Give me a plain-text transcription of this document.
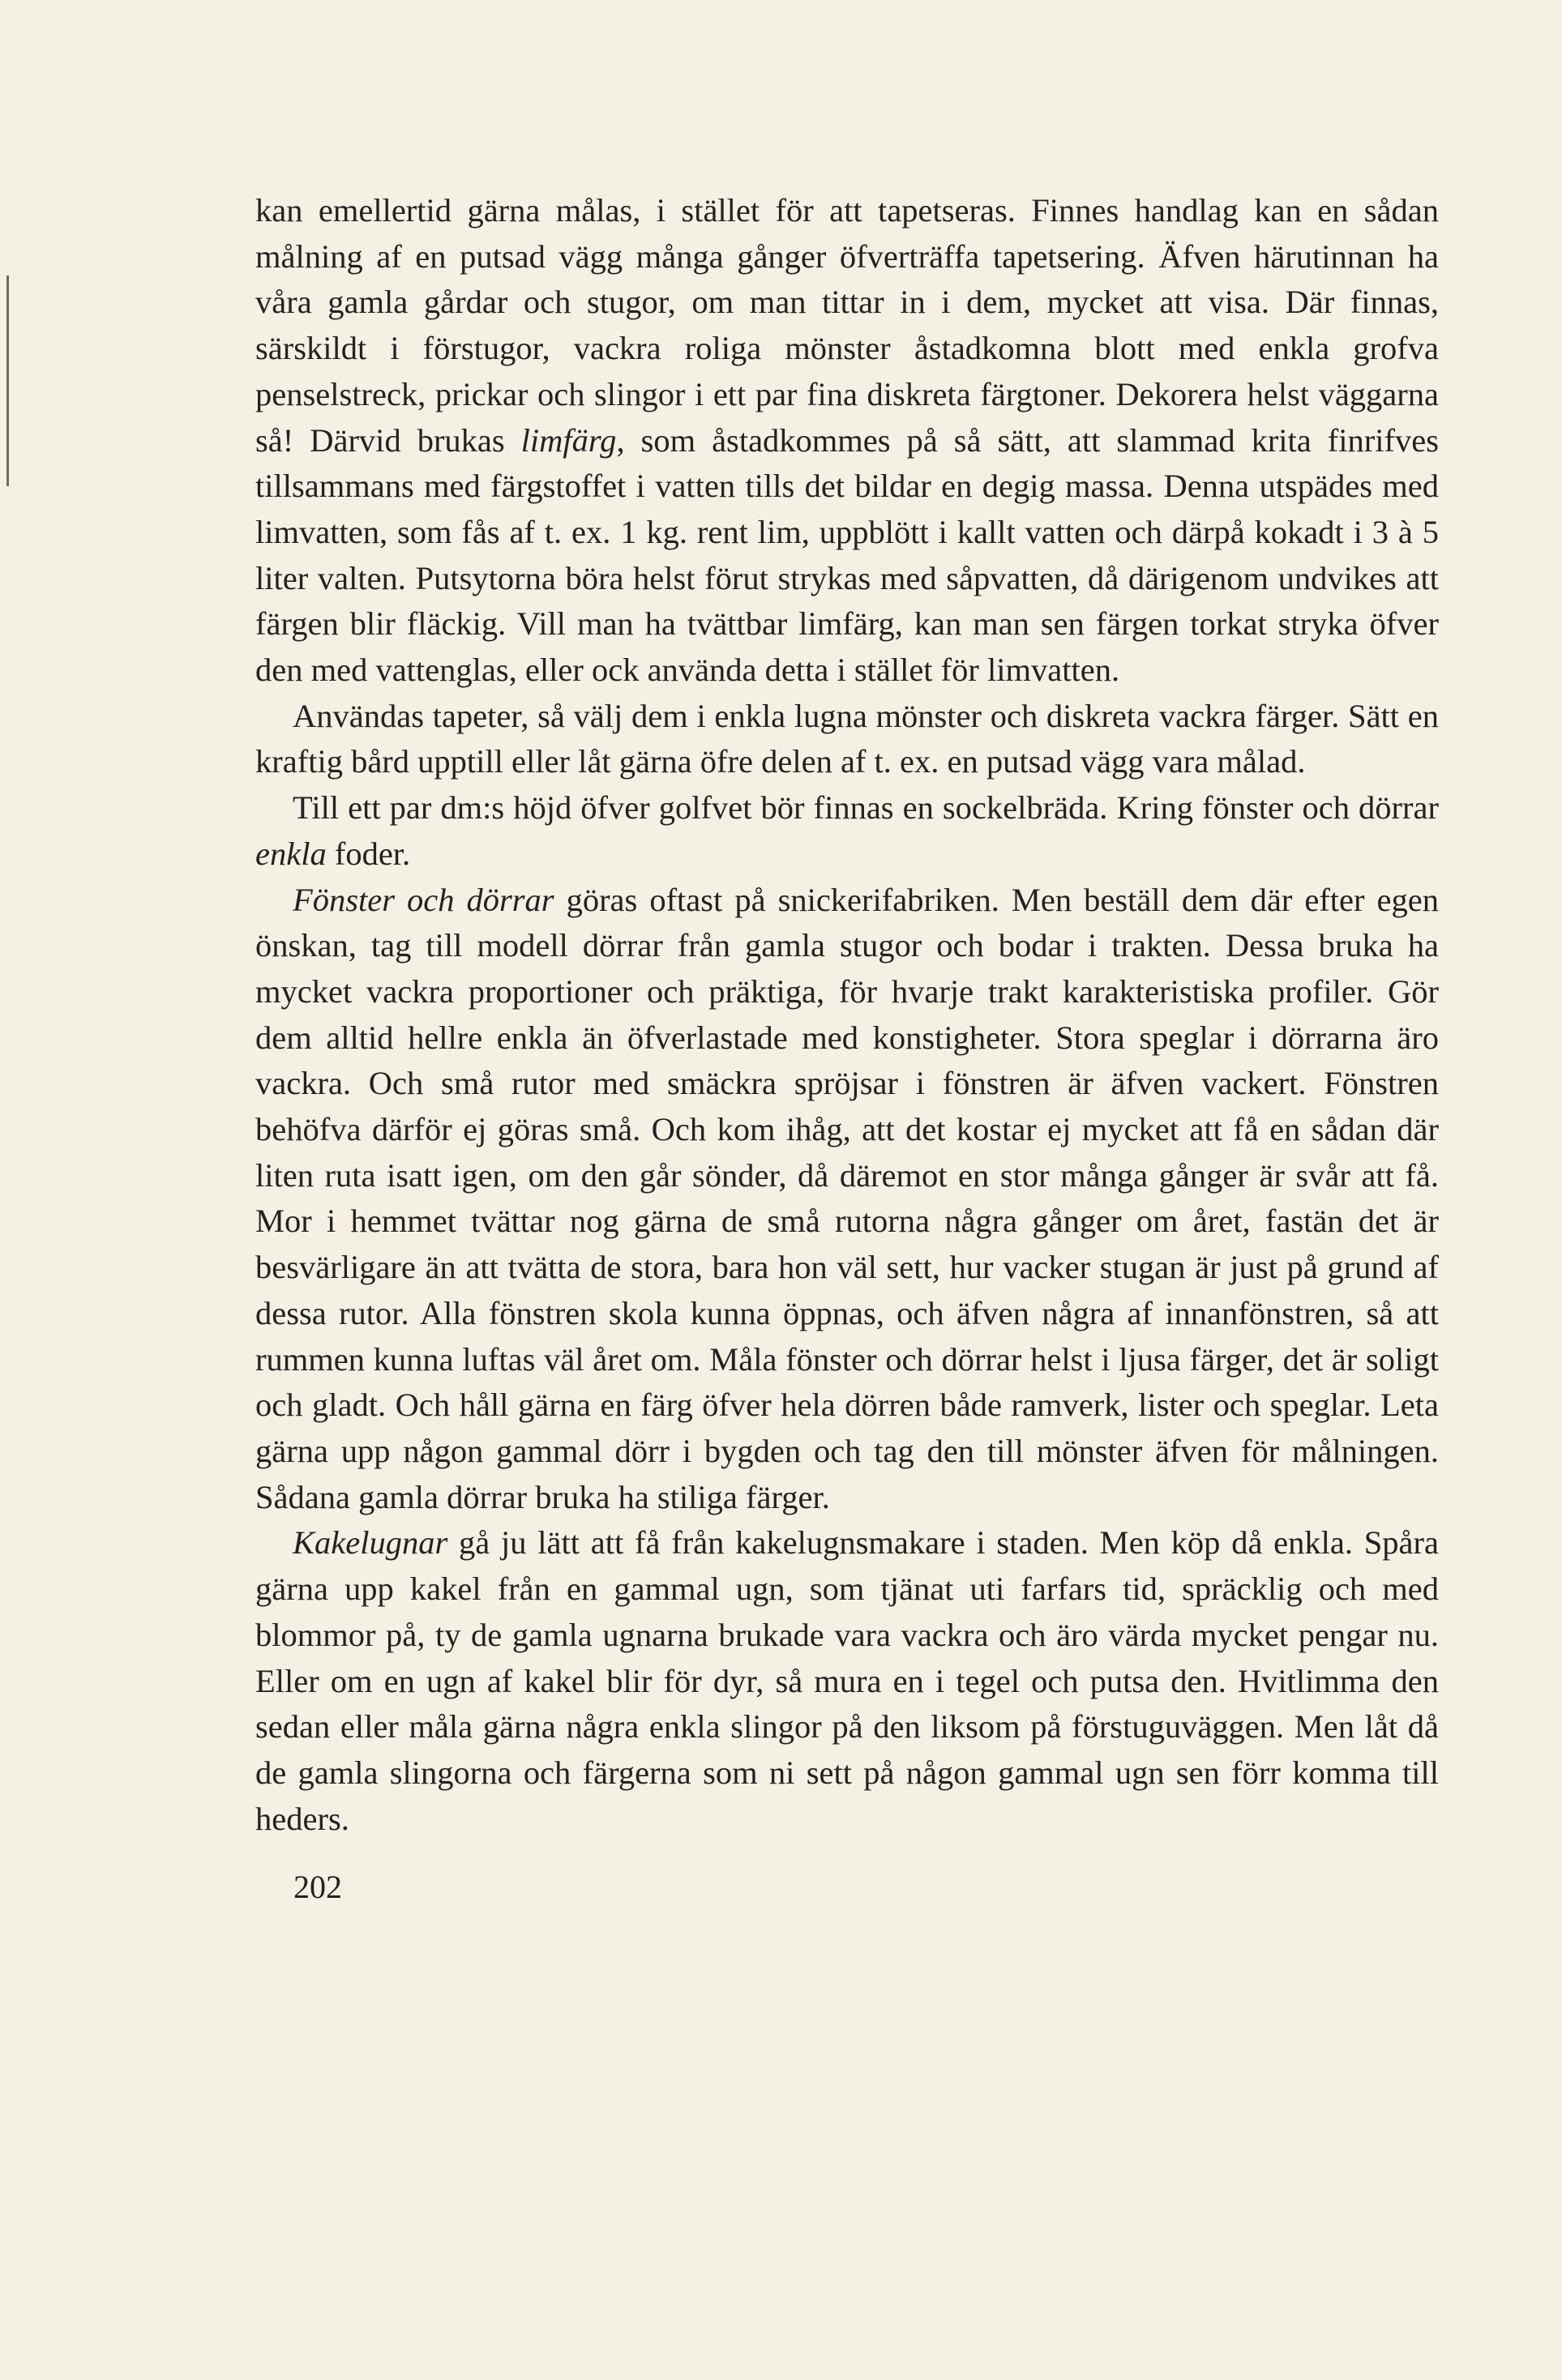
kan emellertid gärna målas, i stället för att tapetseras. Finnes handlag kan en sådan målning af en putsad vägg många gånger öfverträffa tapetsering. Äfven härutinnan ha våra gamla gårdar och stugor, om man tittar in i dem, mycket att visa. Där finnas, särskildt i förstugor, vackra roliga mönster åstadkomna blott med enkla grofva penselstreck, prickar och slingor i ett par fina diskreta färgtoner. Dekorera helst väggarna så! Därvid brukas limfärg, som åstadkommes på så sätt, att slammad krita finrifves tillsammans med färgstoffet i vatten tills det bildar en degig massa. Denna utspädes med limvatten, som fås af t. ex. 1 kg. rent lim, uppblött i kallt vatten och därpå kokadt i 3 à 5 liter valten. Putsytorna böra helst förut strykas med såpvatten, då därigenom undvikes att färgen blir fläckig. Vill man ha tvättbar limfärg, kan man sen färgen torkat stryka öfver den med vattenglas, eller ock använda detta i stället för limvatten.

Användas tapeter, så välj dem i enkla lugna mönster och diskreta vackra färger. Sätt en kraftig bård upptill eller låt gärna öfre delen af t. ex. en putsad vägg vara målad.

Till ett par dm:s höjd öfver golfvet bör finnas en sockelbräda. Kring fönster och dörrar enkla foder.

Fönster och dörrar göras oftast på snickerifabriken. Men beställ dem där efter egen önskan, tag till modell dörrar från gamla stugor och bodar i trakten. Dessa bruka ha mycket vackra proportioner och präktiga, för hvarje trakt karakteristiska profiler. Gör dem alltid hellre enkla än öfverlastade med konstigheter. Stora speglar i dörrarna äro vackra. Och små rutor med smäckra spröjsar i fönstren är äfven vackert. Fönstren behöfva därför ej göras små. Och kom ihåg, att det kostar ej mycket att få en sådan där liten ruta isatt igen, om den går sönder, då däremot en stor många gånger är svår att få. Mor i hemmet tvättar nog gärna de små rutorna några gånger om året, fastän det är besvärligare än att tvätta de stora, bara hon väl sett, hur vacker stugan är just på grund af dessa rutor. Alla fönstren skola kunna öppnas, och äfven några af innanfönstren, så att rummen kunna luftas väl året om. Måla fönster och dörrar helst i ljusa färger, det är soligt och gladt. Och håll gärna en färg öfver hela dörren både ramverk, lister och speglar. Leta gärna upp någon gammal dörr i bygden och tag den till mönster äfven för målningen. Sådana gamla dörrar bruka ha stiliga färger.

Kakelugnar gå ju lätt att få från kakelugnsmakare i staden. Men köp då enkla. Spåra gärna upp kakel från en gammal ugn, som tjänat uti farfars tid, spräcklig och med blommor på, ty de gamla ugnarna brukade vara vackra och äro värda mycket pengar nu. Eller om en ugn af kakel blir för dyr, så mura en i tegel och putsa den. Hvitlimma den sedan eller måla gärna några enkla slingor på den liksom på förstuguväggen. Men låt då de gamla slingorna och färgerna som ni sett på någon gammal ugn sen förr komma till heders.

202
